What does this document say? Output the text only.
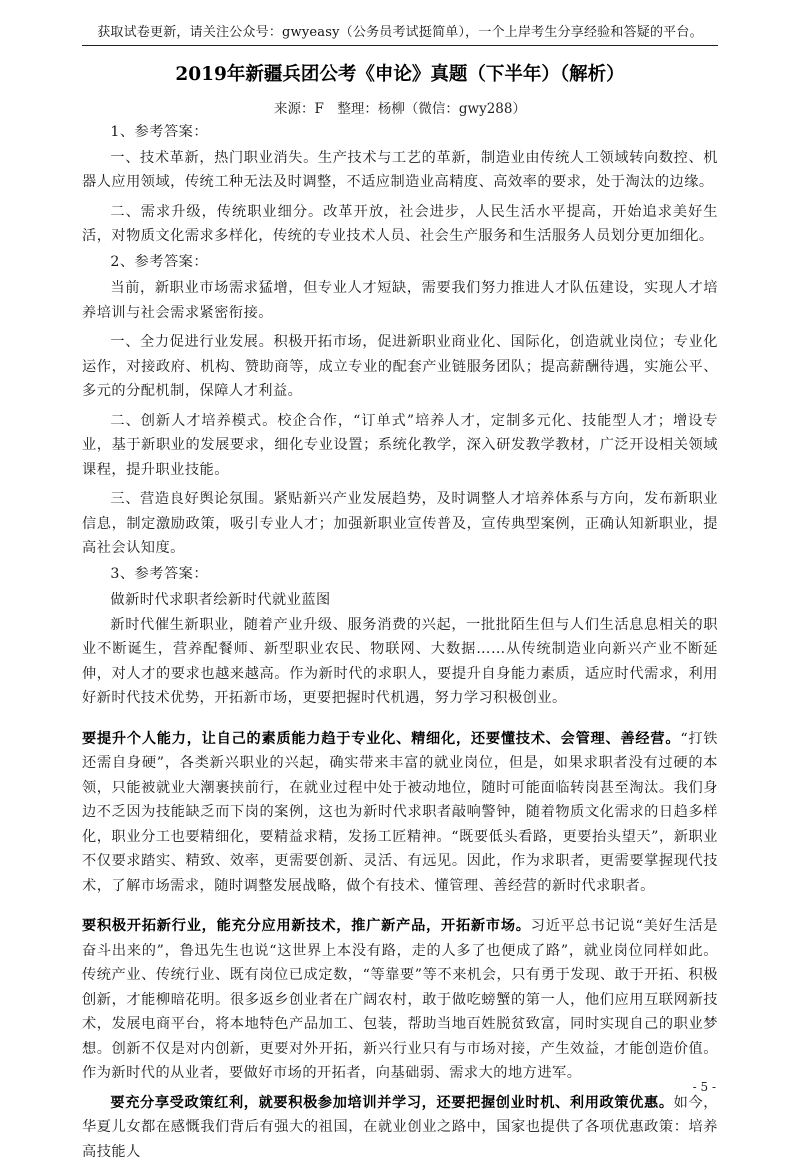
获取试卷更新，请关注公众号：gwyeasy（公务员考试挺简单），一个上岸考生分享经验和答疑的平台。
2019年新疆兵团公考《申论》真题（下半年）（解析）
来源：F　整理：杨柳（微信：gwy288）

1、参考答案：

一、技术革新，热门职业消失。生产技术与工艺的革新，制造业由传统人工领域转向数控、机器人应用领域，传统工种无法及时调整，不适应制造业高精度、高效率的要求，处于淘汰的边缘。

二、需求升级，传统职业细分。改革开放，社会进步，人民生活水平提高，开始追求美好生活，对物质文化需求多样化，传统的专业技术人员、社会生产服务和生活服务人员划分更加细化。

2、参考答案：

当前，新职业市场需求猛增，但专业人才短缺，需要我们努力推进人才队伍建设，实现人才培养培训与社会需求紧密衔接。

一、全力促进行业发展。积极开拓市场，促进新职业商业化、国际化，创造就业岗位；专业化运作，对接政府、机构、赞助商等，成立专业的配套产业链服务团队；提高薪酬待遇，实施公平、多元的分配机制，保障人才利益。

二、创新人才培养模式。校企合作，“订单式”培养人才，定制多元化、技能型人才；增设专业，基于新职业的发展要求，细化专业设置；系统化教学，深入研发教学教材，广泛开设相关领域课程，提升职业技能。

三、营造良好舆论氛围。紧贴新兴产业发展趋势，及时调整人才培养体系与方向，发布新职业信息，制定激励政策，吸引专业人才；加强新职业宣传普及，宣传典型案例，正确认知新职业，提高社会认知度。

3、参考答案：

做新时代求职者绘新时代就业蓝图

新时代催生新职业，随着产业升级、服务消费的兴起，一批批陌生但与人们生活息息相关的职业不断诞生，营养配餐师、新型职业农民、物联网、大数据……从传统制造业向新兴产业不断延伸，对人才的要求也越来越高。作为新时代的求职人，要提升自身能力素质，适应时代需求，利用好新时代技术优势，开拓新市场，更要把握时代机遇，努力学习积极创业。

要提升个人能力，让自己的素质能力趋于专业化、精细化，还要懂技术、会管理、善经营。“打铁还需自身硬”，各类新兴职业的兴起，确实带来丰富的就业岗位，但是，如果求职者没有过硬的本领，只能被就业大潮裹挟前行，在就业过程中处于被动地位，随时可能面临转岗甚至淘汰。我们身边不乏因为技能缺乏而下岗的案例，这也为新时代求职者敲响警钟，随着物质文化需求的日趋多样化，职业分工也要精细化，要精益求精，发扬工匠精神。“既要低头看路，更要抬头望天”，新职业不仅要求踏实、精致、效率，更需要创新、灵活、有远见。因此，作为求职者，更需要掌握现代技术，了解市场需求，随时调整发展战略，做个有技术、懂管理、善经营的新时代求职者。

要积极开拓新行业，能充分应用新技术，推广新产品，开拓新市场。习近平总书记说“美好生活是奋斗出来的”，鲁迅先生也说“这世界上本没有路，走的人多了也便成了路”，就业岗位同样如此。传统产业、传统行业、既有岗位已成定数，“等靠要”等不来机会，只有勇于发现、敢于开拓、积极创新，才能柳暗花明。很多返乡创业者在广阔农村，敢于做吃螃蟹的第一人，他们应用互联网新技术，发展电商平台，将本地特色产品加工、包装，帮助当地百姓脱贫致富，同时实现自己的职业梦想。创新不仅是对内创新，更要对外开拓，新兴行业只有与市场对接，产生效益，才能创造价值。作为新时代的从业者，要做好市场的开拓者，向基础弱、需求大的地方进军。

要充分享受政策红利，就要积极参加培训并学习，还要把握创业时机、利用政策优惠。如今，华夏儿女都在感慨我们背后有强大的祖国，在就业创业之路中，国家也提供了各项优惠政策：培养高技能人

- 5 -
